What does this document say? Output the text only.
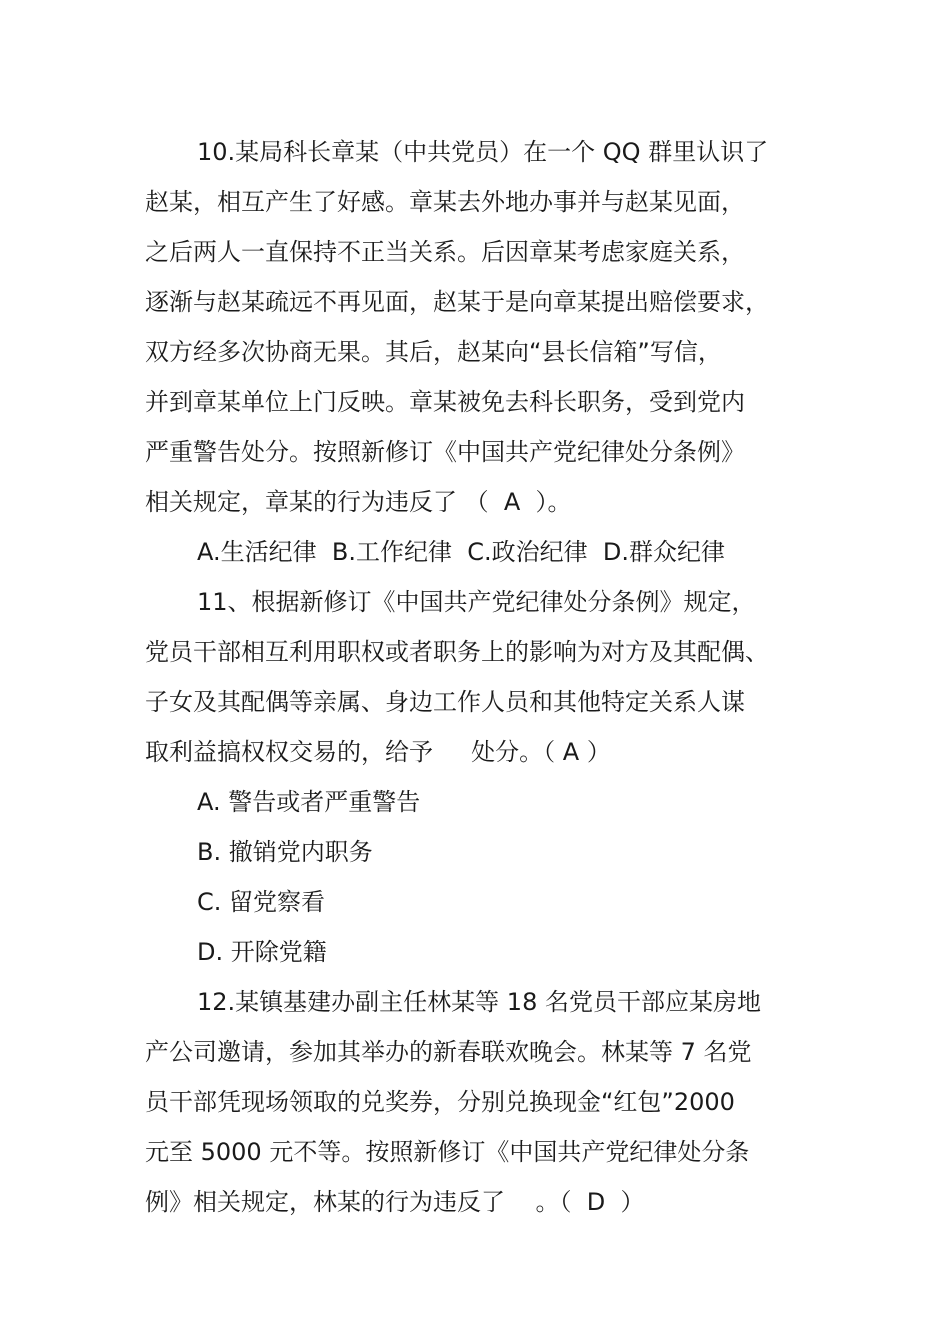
10.某局科长章某（中共党员）在一个 QQ 群里认识了
赵某，相互产生了好感。章某去外地办事并与赵某见面，
之后两人一直保持不正当关系。后因章某考虑家庭关系，
逐渐与赵某疏远不再见面，赵某于是向章某提出赔偿要求，
双方经多次协商无果。其后，赵某向“县长信箱”写信，
并到章某单位上门反映。章某被免去科长职务，受到党内
严重警告处分。按照新修订《中国共产党纪律处分条例》
相关规定，章某的行为违反了 （  A  ）。
A.生活纪律  B.工作纪律  C.政治纪律  D.群众纪律
11、根据新修订《中国共产党纪律处分条例》规定，
党员干部相互利用职权或者职务上的影响为对方及其配偶、
子女及其配偶等亲属、身边工作人员和其他特定关系人谋
取利益搞权权交易的，给予     处分。（ A ）
A. 警告或者严重警告
B. 撤销党内职务
C. 留党察看
D. 开除党籍
12.某镇基建办副主任林某等 18 名党员干部应某房地
产公司邀请，参加其举办的新春联欢晚会。林某等 7 名党
员干部凭现场领取的兑奖券，分别兑换现金“红包”2000
元至 5000 元不等。按照新修订《中国共产党纪律处分条
例》相关规定，林某的行为违反了    。（  D  ）
